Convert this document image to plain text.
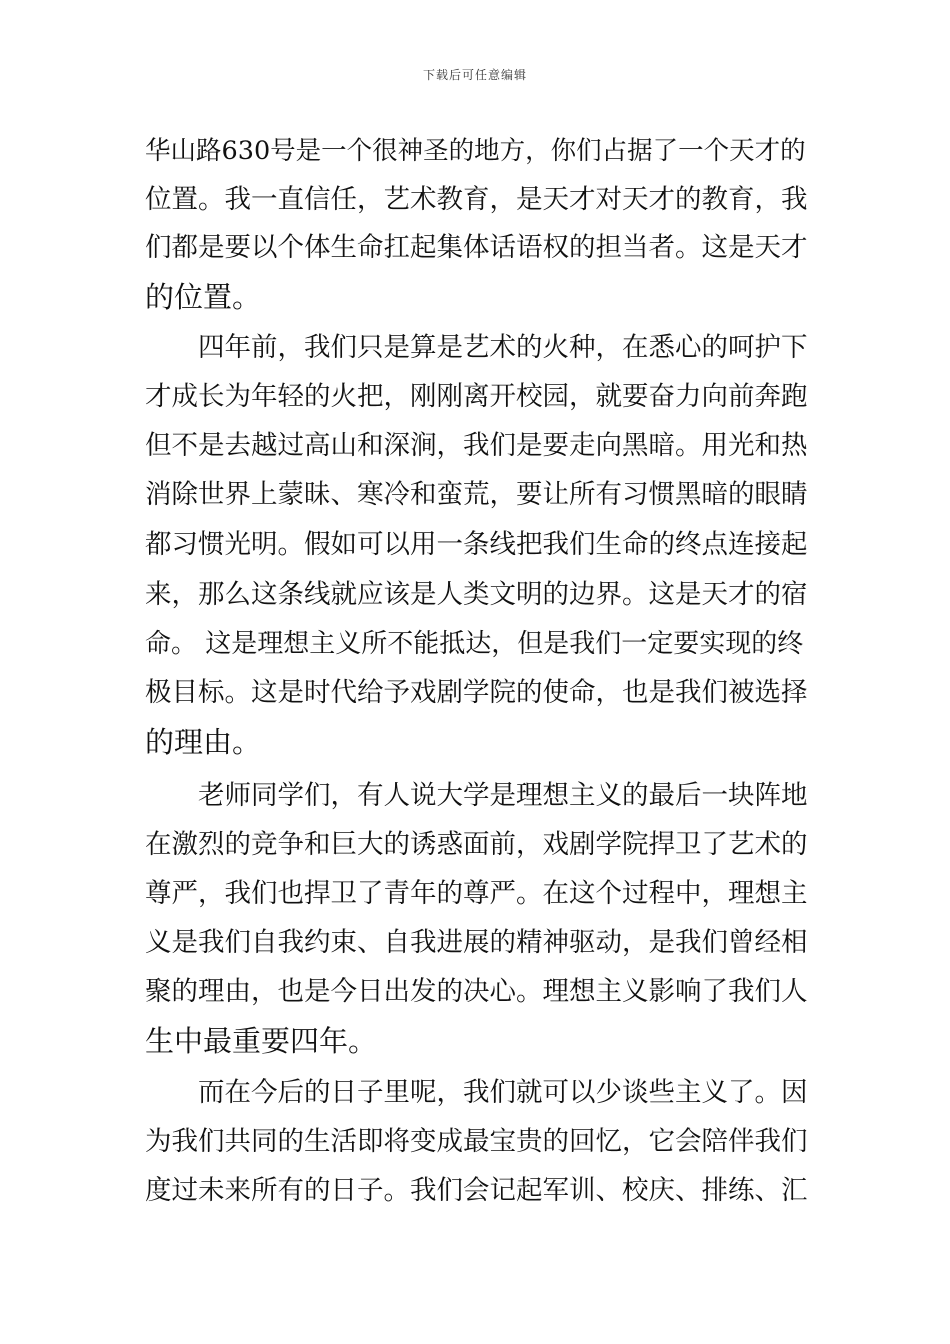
下载后可任意编辑
华山路630号是一个很神圣的地方，你们占据了一个天才的
位置。我一直信任，艺术教育，是天才对天才的教育，我
们都是要以个体生命扛起集体话语权的担当者。这是天才
的位置。
　　四年前，我们只是算是艺术的火种，在悉心的呵护下
才成长为年轻的火把，刚刚离开校园，就要奋力向前奔跑
但不是去越过高山和深涧，我们是要走向黑暗。用光和热
消除世界上蒙昧、寒冷和蛮荒，要让所有习惯黑暗的眼睛
都习惯光明。假如可以用一条线把我们生命的终点连接起
来，那么这条线就应该是人类文明的边界。这是天才的宿
命。 这是理想主义所不能抵达，但是我们一定要实现的终
极目标。这是时代给予戏剧学院的使命，也是我们被选择
的理由。
　　老师同学们，有人说大学是理想主义的最后一块阵地
在激烈的竞争和巨大的诱惑面前，戏剧学院捍卫了艺术的
尊严，我们也捍卫了青年的尊严。在这个过程中，理想主
义是我们自我约束、自我进展的精神驱动，是我们曾经相
聚的理由，也是今日出发的决心。理想主义影响了我们人
生中最重要四年。
　　而在今后的日子里呢，我们就可以少谈些主义了。因
为我们共同的生活即将变成最宝贵的回忆，它会陪伴我们
度过未来所有的日子。我们会记起军训、校庆、排练、汇
